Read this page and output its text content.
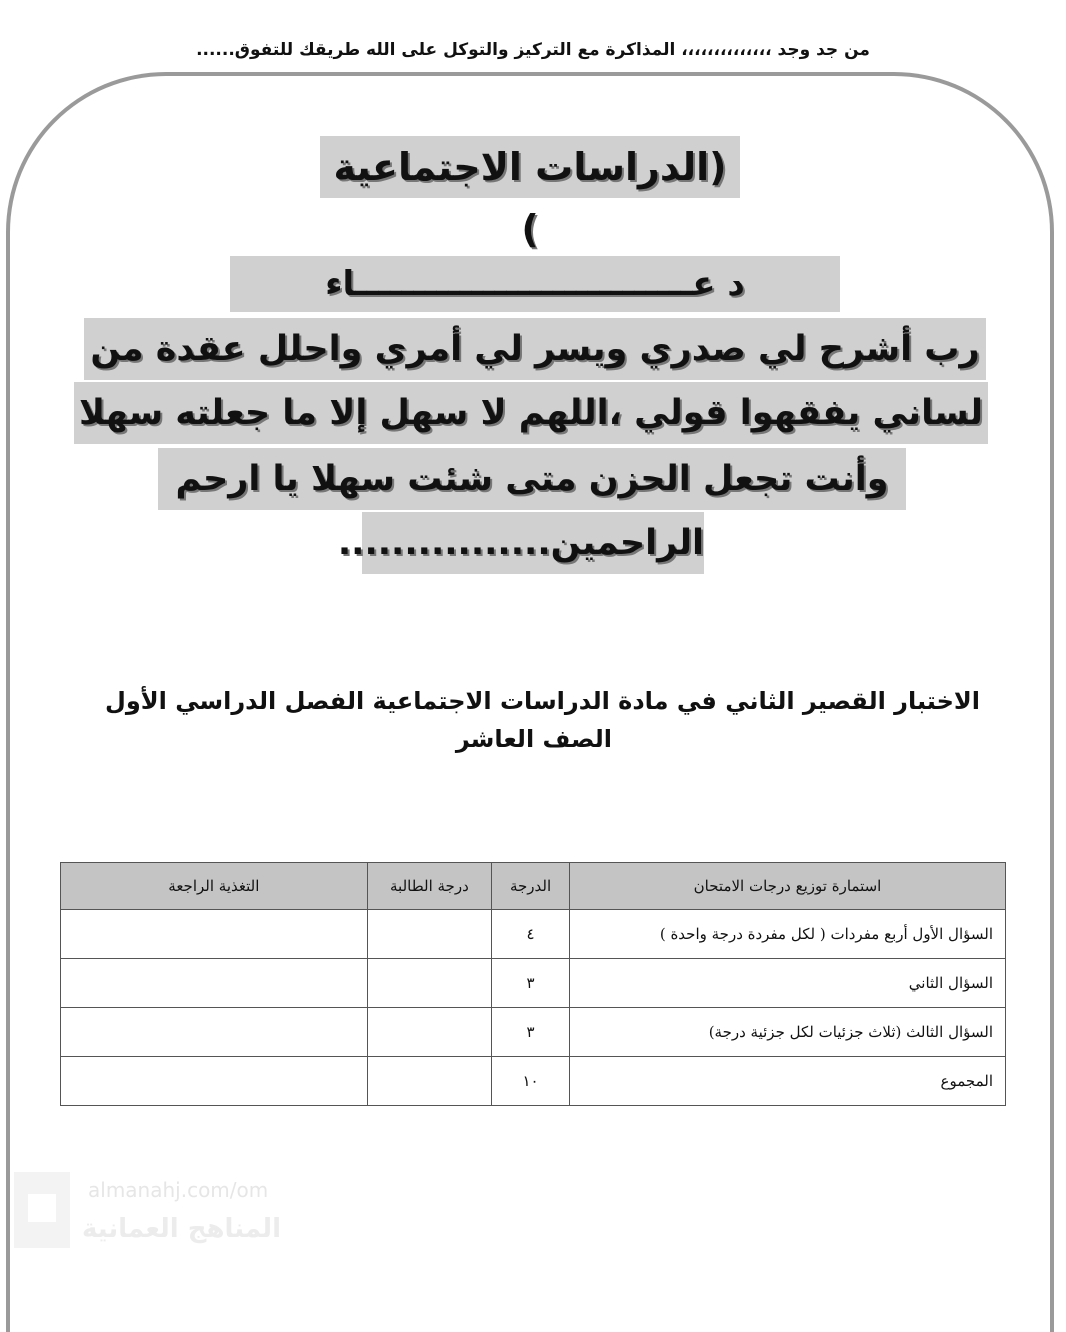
من جد وجد ،،،،،،،،،،،،،، المذاكرة مع التركيز والتوكل على الله طريقك للتفوق......
(الدراسات الاجتماعية )
د عـــــــــــــــــــــــــــــاء
رب أشرح لي صدري ويسر لي أمري واحلل عقدة من
لساني يفقهوا قولي ،اللهم لا سهل إلا ما جعلته سهلا
وأنت تجعل الحزن متى شئت سهلا يا ارحم
الراحمين................
الاختبار القصير الثاني في مادة الدراسات الاجتماعية الفصل الدراسي الأول
الصف العاشر
استمارة توزيع درجات الامتحان	الدرجة	درجة الطالبة	التغذية الراجعة
السؤال الأول أربع مفردات ( لكل مفردة درجة واحدة )	٤		
السؤال الثاني	٣		
السؤال الثالث (ثلاث جزئيات لكل جزئية درجة)	٣		
المجموع	١٠		
almanahj.com/om
المناهج العمانية
